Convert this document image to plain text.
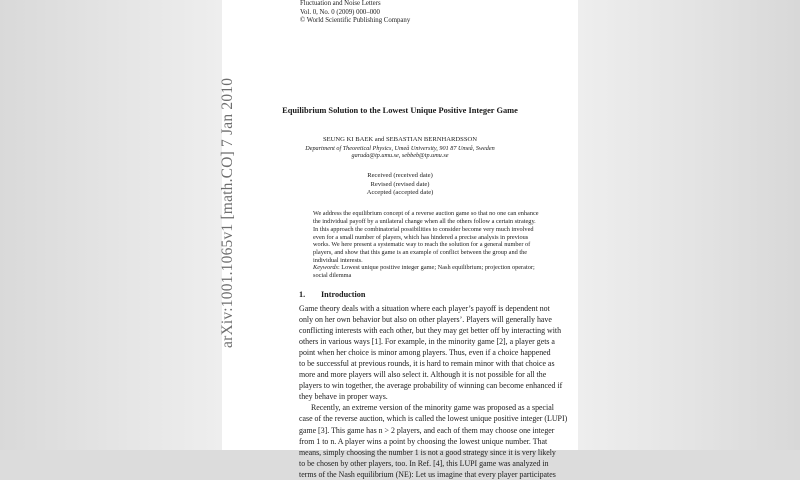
arXiv:1001.1065v1 [math.CO] 7 Jan 2010
Fluctuation and Noise Letters
Vol. 0, No. 0 (2009) 000–000
© World Scientific Publishing Company
Equilibrium Solution to the Lowest Unique Positive Integer Game
SEUNG KI BAEK and SEBASTIAN BERNHARDSSON
Department of Theoretical Physics, Umeå University, 901 87 Umeå, Sweden
garuda@tp.umu.se, sebbeb@tp.umu.se
Received (received date)
Revised (revised date)
Accepted (accepted date)
We address the equilibrium concept of a reverse auction game so that no one can enhance
the individual payoff by a unilateral change when all the others follow a certain strategy.
In this approach the combinatorial possibilities to consider become very much involved
even for a small number of players, which has hindered a precise analysis in previous
works. We here present a systematic way to reach the solution for a general number of
players, and show that this game is an example of conflict between the group and the
individual interests.
Keywords: Lowest unique positive integer game; Nash equilibrium; projection operator;
social dilemma
1. Introduction
Game theory deals with a situation where each player’s payoff is dependent not
only on her own behavior but also on other players’. Players will generally have
conflicting interests with each other, but they may get better off by interacting with
others in various ways [1]. For example, in the minority game [2], a player gets a
point when her choice is minor among players. Thus, even if a choice happened
to be successful at previous rounds, it is hard to remain minor with that choice as
more and more players will also select it. Although it is not possible for all the
players to win together, the average probability of winning can become enhanced if
they behave in proper ways.
Recently, an extreme version of the minority game was proposed as a special
case of the reverse auction, which is called the lowest unique positive integer (LUPI)
game [3]. This game has n > 2 players, and each of them may choose one integer
from 1 to n. A player wins a point by choosing the lowest unique number. That
means, simply choosing the number 1 is not a good strategy since it is very likely
to be chosen by other players, too. In Ref. [4], this LUPI game was analyzed in
terms of the Nash equilibrium (NE): Let us imagine that every player participates
